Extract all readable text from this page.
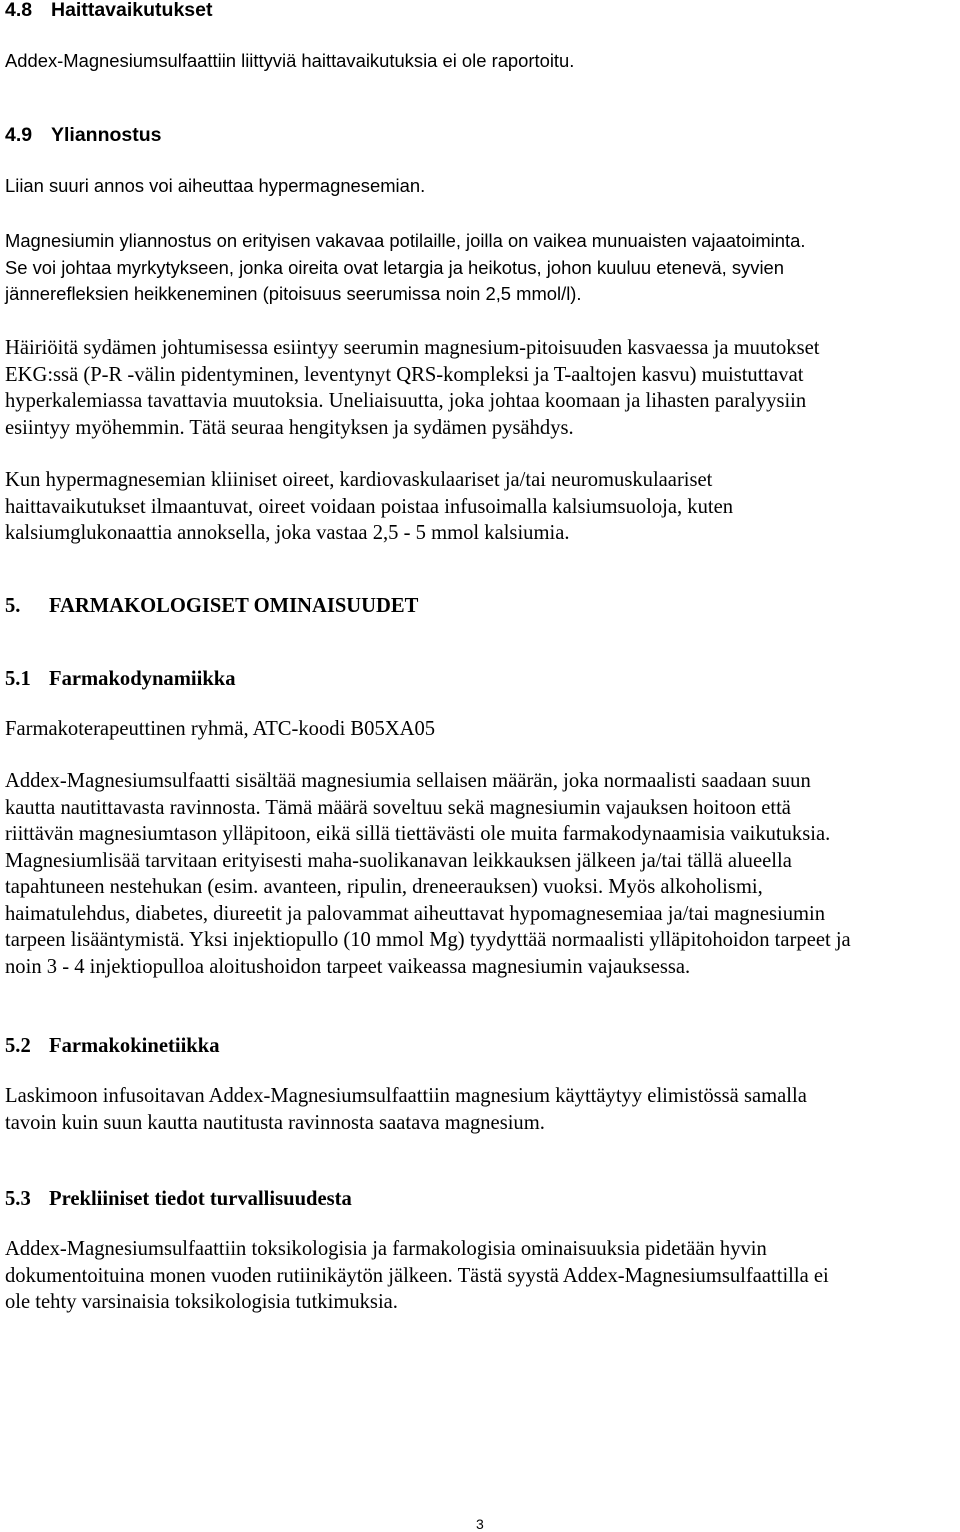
4.8 Haittavaikutukset
Addex-Magnesiumsulfaattiin liittyviä haittavaikutuksia ei ole raportoitu.
4.9 Yliannostus
Liian suuri annos voi aiheuttaa hypermagnesemian.
Magnesiumin yliannostus on erityisen vakavaa potilaille, joilla on vaikea munuaisten vajaatoiminta.
Se voi johtaa myrkytykseen, jonka oireita ovat letargia ja heikotus, johon kuuluu etenevä, syvien
jännerefleksien heikkeneminen (pitoisuus seerumissa noin 2,5 mmol/l).
Häiriöitä sydämen johtumisessa esiintyy seerumin magnesium-pitoisuuden kasvaessa ja muutokset
EKG:ssä (P-R -välin pidentyminen, leventynyt QRS-kompleksi ja T-aaltojen kasvu) muistuttavat
hyperkalemiassa tavattavia muutoksia. Uneliaisuutta, joka johtaa koomaan ja lihasten paralyysiin
esiintyy myöhemmin. Tätä seuraa hengityksen ja sydämen pysähdys.
Kun hypermagnesemian kliiniset oireet, kardiovaskulaariset ja/tai neuromuskulaariset
haittavaikutukset ilmaantuvat, oireet voidaan poistaa infusoimalla kalsiumsuoloja, kuten
kalsiumglukonaattia annoksella, joka vastaa 2,5 - 5 mmol kalsiumia.
5. FARMAKOLOGISET OMINAISUUDET
5.1 Farmakodynamiikka
Farmakoterapeuttinen ryhmä, ATC-koodi B05XA05
Addex-Magnesiumsulfaatti sisältää magnesiumia sellaisen määrän, joka normaalisti saadaan suun
kautta nautittavasta ravinnosta. Tämä määrä soveltuu sekä magnesiumin vajauksen hoitoon että
riittävän magnesiumtason ylläpitoon, eikä sillä tiettävästi ole muita farmakodynaamisia vaikutuksia.
Magnesiumlisää tarvitaan erityisesti maha-suolikanavan leikkauksen jälkeen ja/tai tällä alueella
tapahtuneen nestehukan (esim. avanteen, ripulin, dreneerauksen) vuoksi. Myös alkoholismi,
haimatulehdus, diabetes, diureetit ja palovammat aiheuttavat hypomagnesemiaa ja/tai magnesiumin
tarpeen lisääntymistä. Yksi injektiopullo (10 mmol Mg) tyydyttää normaalisti ylläpitohoidon tarpeet ja
noin 3 - 4 injektiopulloa aloitushoidon tarpeet vaikeassa magnesiumin vajauksessa.
5.2 Farmakokinetiikka
Laskimoon infusoitavan Addex-Magnesiumsulfaattiin magnesium käyttäytyy elimistössä samalla
tavoin kuin suun kautta nautitusta ravinnosta saatava magnesium.
5.3 Prekliiniset tiedot turvallisuudesta
Addex-Magnesiumsulfaattiin toksikologisia ja farmakologisia ominaisuuksia pidetään hyvin
dokumentoituina monen vuoden rutiinikäytön jälkeen. Tästä syystä Addex-Magnesiumsulfaattilla ei
ole tehty varsinaisia toksikologisia tutkimuksia.
3
